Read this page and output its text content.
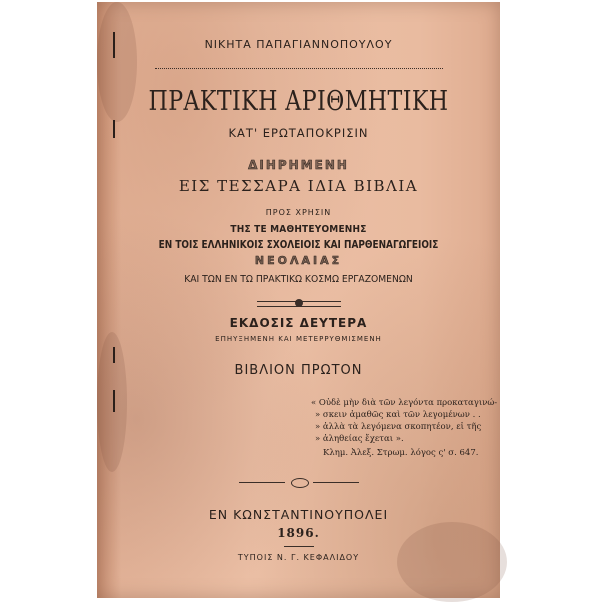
ΝΙΚΗΤΑ ΠΑΠΑΓΙΑΝΝΟΠΟΥΛΟΥ
ΠΡΑΚΤΙΚΗ ΑΡΙΘΜΗΤΙΚΗ
ΚΑΤ' ΕΡΩΤΑΠΟΚΡΙΣΙΝ
ΔΙΗΡΗΜΕΝΗ
ΕΙΣ ΤΕΣΣΑΡΑ ΙΔΙΑ ΒΙΒΛΙΑ
ΠΡΟΣ ΧΡΗΣΙΝ
ΤΗΣ ΤΕ ΜΑΘΗΤΕΥΟΜΕΝΗΣ
ΕΝ ΤΟΙΣ ΕΛΛΗΝΙΚΟΙΣ ΣΧΟΛΕΙΟΙΣ ΚΑΙ ΠΑΡΘΕΝΑΓΩΓΕΙΟΙΣ
ΝΕΟΛΑΙΑΣ
ΚΑΙ ΤΩΝ ΕΝ ΤΩ ΠΡΑΚΤΙΚΩ ΚΟΣΜΩ ΕΡΓΑΖΟΜΕΝΩΝ
ΕΚΔΟΣΙΣ ΔΕΥΤΕΡΑ
ΕΠΗΥΞΗΜΕΝΗ ΚΑΙ ΜΕΤΕΡΡΥΘΜΙΣΜΕΝΗ
ΒΙΒΛΙΟΝ ΠΡΩΤΟΝ
« Οὐδὲ μὴν διὰ τῶν λεγόντα προκαταγινώ-
» σκειν ἀμαθῶς καὶ τῶν λεγομένων . .
» ἀλλὰ τὰ λεγόμενα σκοπητέον, εἰ τῆς
» ἀληθείας ἔχεται ».
Κλημ. Ἀλεξ. Στρωμ. λόγος ς' σ. 647.
ΕΝ ΚΩΝΣΤΑΝΤΙΝΟΥΠΟΛΕΙ
1896.
ΤΥΠΟΙΣ Ν. Γ. ΚΕΦΑΛΙΔΟΥ
